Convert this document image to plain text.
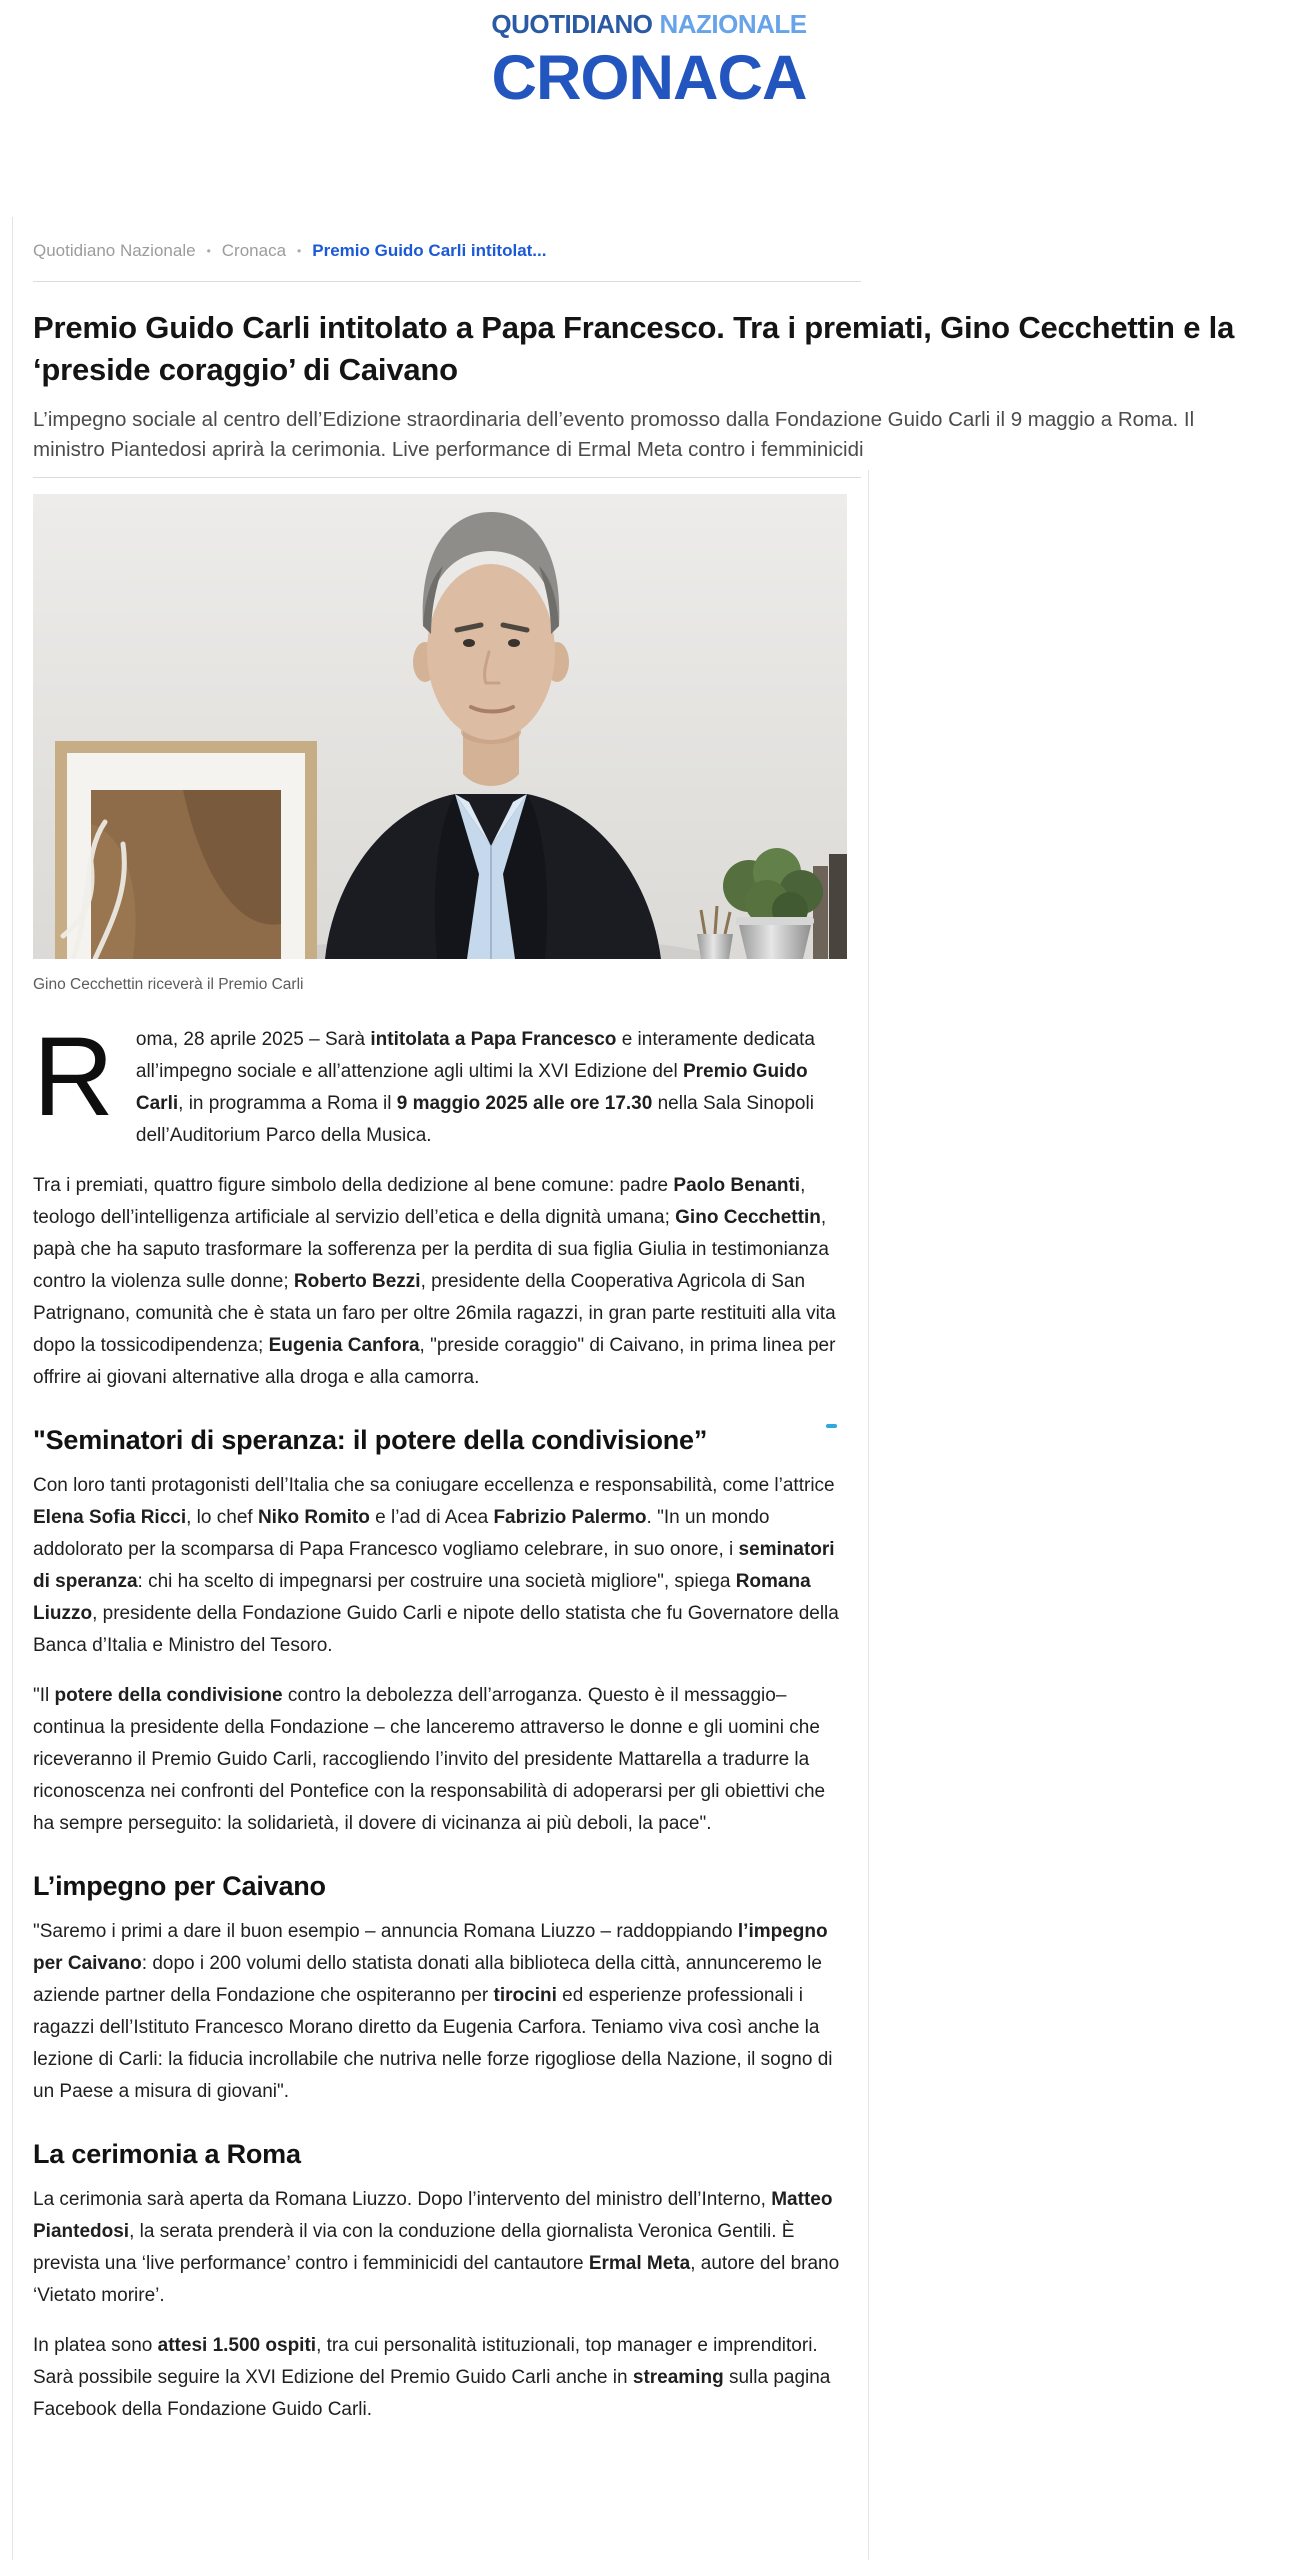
QUOTIDIANO NAZIONALE
CRONACA
Quotidiano Nazionale • Cronaca • Premio Guido Carli intitolat...
Premio Guido Carli intitolato a Papa Francesco. Tra i premiati, Gino Cecchettin e la ‘preside coraggio’ di Caivano

L’impegno sociale al centro dell’Edizione straordinaria dell’evento promosso dalla Fondazione Guido Carli il 9 maggio a Roma. Il ministro Piantedosi aprirà la cerimonia. Live performance di Ermal Meta contro i femminicidi

Gino Cecchettin riceverà il Premio Carli

R oma, 28 aprile 2025 – Sarà intitolata a Papa Francesco e interamente dedicata all’impegno sociale e all’attenzione agli ultimi la XVI Edizione del Premio Guido Carli, in programma a Roma il 9 maggio 2025 alle ore 17.30 nella Sala Sinopoli dell’Auditorium Parco della Musica.

Tra i premiati, quattro figure simbolo della dedizione al bene comune: padre Paolo Benanti, teologo dell’intelligenza artificiale al servizio dell’etica e della dignità umana; Gino Cecchettin, papà che ha saputo trasformare la sofferenza per la perdita di sua figlia Giulia in testimonianza contro la violenza sulle donne; Roberto Bezzi, presidente della Cooperativa Agricola di San Patrignano, comunità che è stata un faro per oltre 26mila ragazzi, in gran parte restituiti alla vita dopo la tossicodipendenza; Eugenia Canfora, "preside coraggio" di Caivano, in prima linea per offrire ai giovani alternative alla droga e alla camorra.

"Seminatori di speranza: il potere della condivisione”

Con loro tanti protagonisti dell’Italia che sa coniugare eccellenza e responsabilità, come l’attrice Elena Sofia Ricci, lo chef Niko Romito e l’ad di Acea Fabrizio Palermo. "In un mondo addolorato per la scomparsa di Papa Francesco vogliamo celebrare, in suo onore, i seminatori di speranza: chi ha scelto di impegnarsi per costruire una società migliore", spiega Romana Liuzzo, presidente della Fondazione Guido Carli e nipote dello statista che fu Governatore della Banca d’Italia e Ministro del Tesoro.

"Il potere della condivisione contro la debolezza dell’arroganza. Questo è il messaggio– continua la presidente della Fondazione – che lanceremo attraverso le donne e gli uomini che riceveranno il Premio Guido Carli, raccogliendo l’invito del presidente Mattarella a tradurre la riconoscenza nei confronti del Pontefice con la responsabilità di adoperarsi per gli obiettivi che ha sempre perseguito: la solidarietà, il dovere di vicinanza ai più deboli, la pace".

L’impegno per Caivano

"Saremo i primi a dare il buon esempio – annuncia Romana Liuzzo – raddoppiando l’impegno per Caivano: dopo i 200 volumi dello statista donati alla biblioteca della città, annunceremo le aziende partner della Fondazione che ospiteranno per tirocini ed esperienze professionali i ragazzi dell’Istituto Francesco Morano diretto da Eugenia Carfora. Teniamo viva così anche la lezione di Carli: la fiducia incrollabile che nutriva nelle forze rigogliose della Nazione, il sogno di un Paese a misura di giovani".

La cerimonia a Roma

La cerimonia sarà aperta da Romana Liuzzo. Dopo l’intervento del ministro dell’Interno, Matteo Piantedosi, la serata prenderà il via con la conduzione della giornalista Veronica Gentili. È prevista una ‘live performance’ contro i femminicidi del cantautore Ermal Meta, autore del brano ‘Vietato morire’.

In platea sono attesi 1.500 ospiti, tra cui personalità istituzionali, top manager e imprenditori. Sarà possibile seguire la XVI Edizione del Premio Guido Carli anche in streaming sulla pagina Facebook della Fondazione Guido Carli.
